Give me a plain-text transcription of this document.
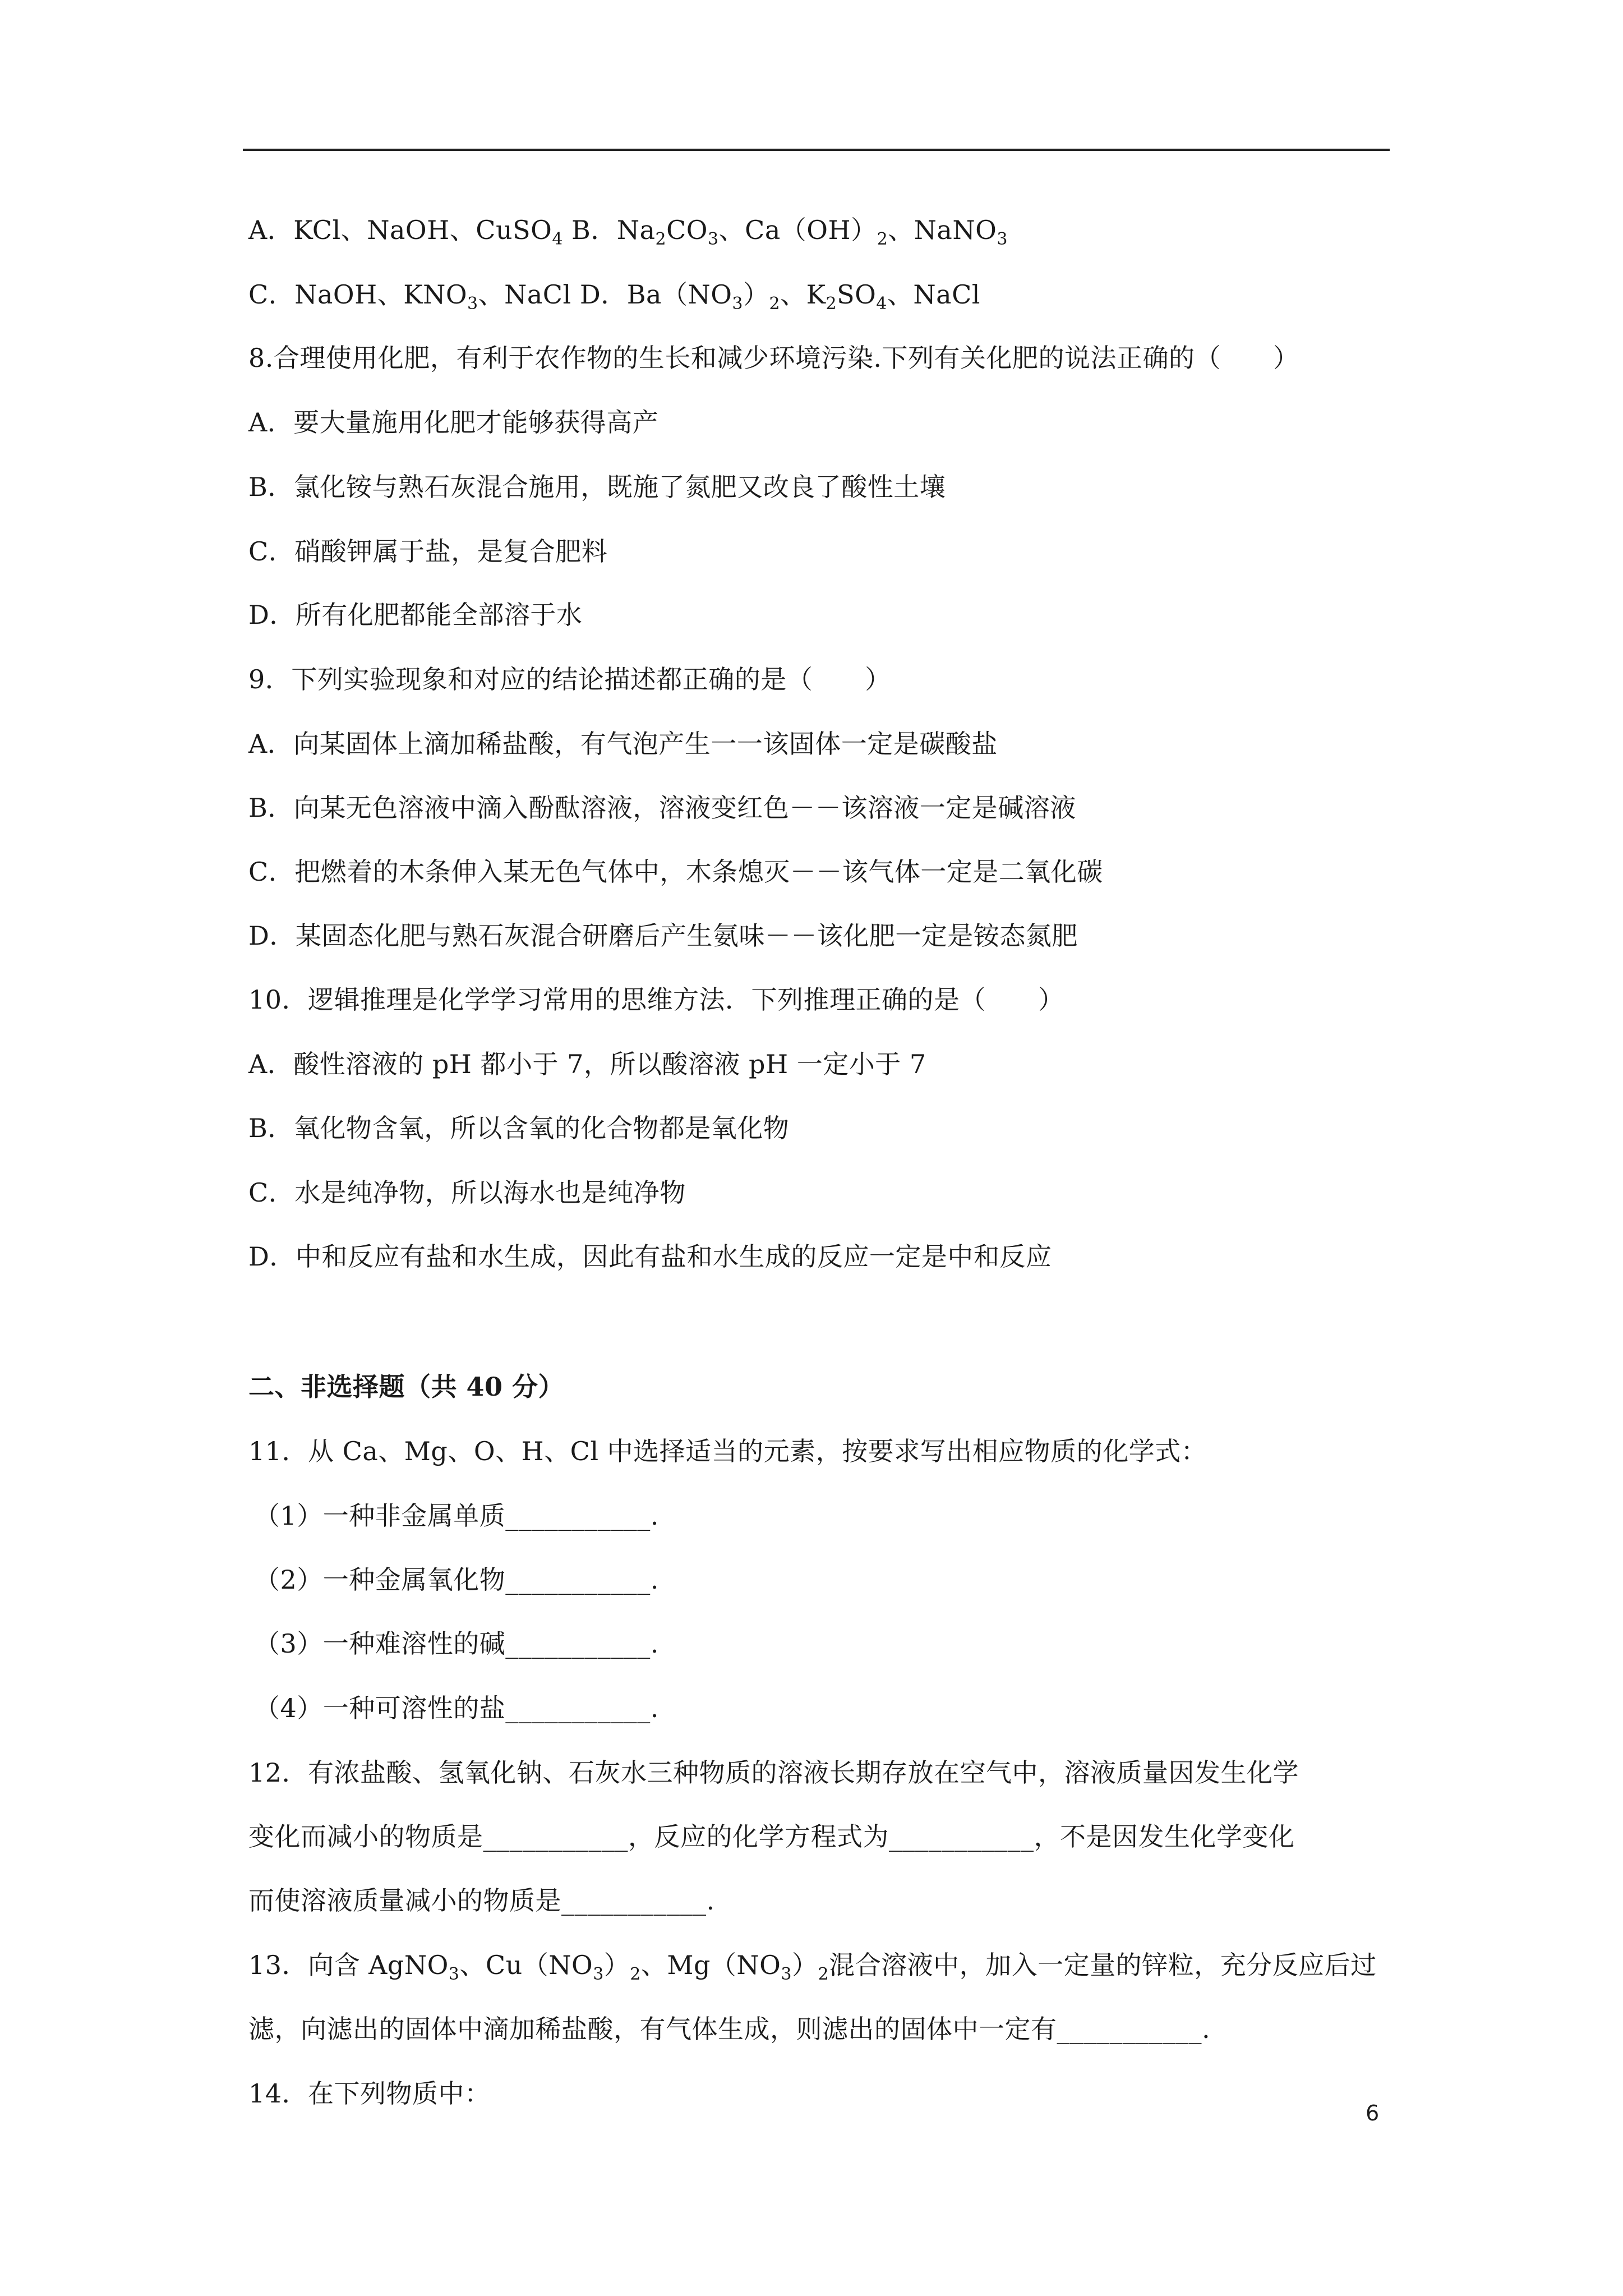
A．KCl、NaOH、CuSO$_4$ B．$Na_2CO_3$、$Ca(OH)_2$、NaNO$_3$
C．NaOH、$KNO_3$、NaCl D．$Ba(NO_3)_2$、$K_2SO_4$、NaCl
8.合理使用化肥，有利于农作物的生长和减少环境污染.下列有关化肥的说法正确的（　　）
A．要大量施用化肥才能够获得高产
B．氯化铵与熟石灰混合施用，既施了氮肥又改良了酸性土壤
C．硝酸钾属于盐，是复合肥料
D．所有化肥都能全部溶于水
9．下列实验现象和对应的结论描述都正确的是（　　）
A．向某固体上滴加稀盐酸，有气泡产生一一该固体一定是碳酸盐
B．向某无色溶液中滴入酚酞溶液，溶液变红色－－该溶液一定是碱溶液
C．把燃着的木条伸入某无色气体中，木条熄灭－－该气体一定是二氧化碳
D．某固态化肥与熟石灰混合研磨后产生氨味－－该化肥一定是铵态氮肥
10．逻辑推理是化学学习常用的思维方法．下列推理正确的是（　　）
A．酸性溶液的 pH 都小于 7，所以酸溶液 pH 一定小于 7
B．氧化物含氧，所以含氧的化合物都是氧化物
C．水是纯净物，所以海水也是纯净物
D．中和反应有盐和水生成，因此有盐和水生成的反应一定是中和反应
二、非选择题（共 40 分）
11．从 Ca、Mg、O、H、Cl 中选择适当的元素，按要求写出相应物质的化学式：
（1）一种非金属单质___________.
（2）一种金属氧化物___________.
（3）一种难溶性的碱___________.
（4）一种可溶性的盐___________.
12．有浓盐酸、氢氧化钠、石灰水三种物质的溶液长期存放在空气中，溶液质量因发生化学
变化而减小的物质是___________，反应的化学方程式为___________，不是因发生化学变化
而使溶液质量减小的物质是___________.
13．向含 AgNO$_3$、$Cu(NO_3)_2$、$Mg(NO_3)_2$混合溶液中，加入一定量的锌粒，充分反应后过
滤，向滤出的固体中滴加稀盐酸，有气体生成，则滤出的固体中一定有___________.
14．在下列物质中：
6
